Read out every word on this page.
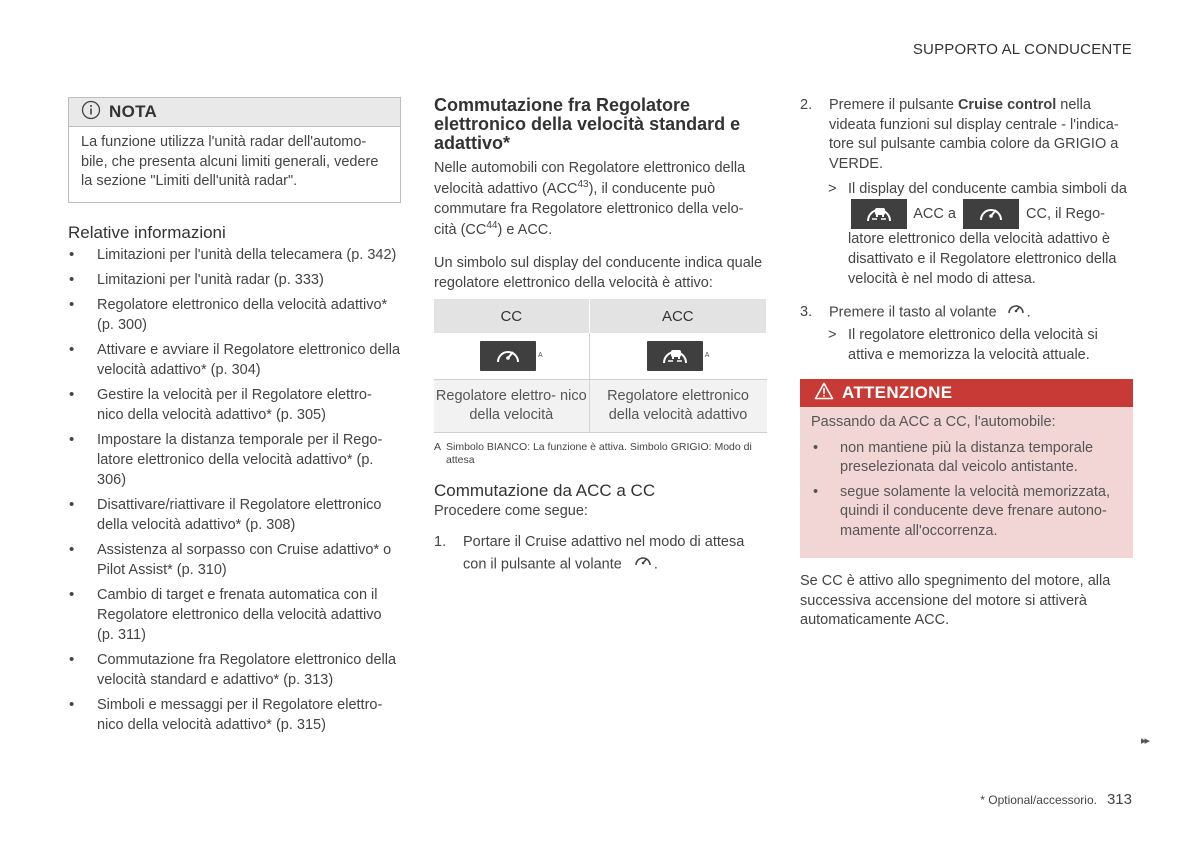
SUPPORTO AL CONDUCENTE
NOTA
La funzione utilizza l'unità radar dell'automo- bile, che presenta alcuni limiti generali, vedere la sezione "Limiti dell'unità radar".
Relative informazioni
• Limitazioni per l'unità della telecamera (p. 342)
• Limitazioni per l'unità radar (p. 333)
• Regolatore elettronico della velocità adattivo* (p. 300)
• Attivare e avviare il Regolatore elettronico della velocità adattivo* (p. 304)
• Gestire la velocità per il Regolatore elettro- nico della velocità adattivo* (p. 305)
• Impostare la distanza temporale per il Rego- latore elettronico della velocità adattivo* (p. 306)
• Disattivare/riattivare il Regolatore elettronico della velocità adattivo* (p. 308)
• Assistenza al sorpasso con Cruise adattivo* o Pilot Assist* (p. 310)
• Cambio di target e frenata automatica con il Regolatore elettronico della velocità adattivo (p. 311)
• Commutazione fra Regolatore elettronico della velocità standard e adattivo* (p. 313)
• Simboli e messaggi per il Regolatore elettro- nico della velocità adattivo* (p. 315)
Commutazione fra Regolatore elettronico della velocità standard e adattivo*
Nelle automobili con Regolatore elettronico della velocità adattivo (ACC$^{43}$), il conducente può commutare fra Regolatore elettronico della velo- cità (CC$^{44}$) e ACC.
Un simbolo sul display del conducente indica quale regolatore elettronico della velocità è attivo:
CC	ACC

A	A
Regolatore elettro- nico della velocità	Regolatore elettronico della velocità adattivo
A Simbolo BIANCO: La funzione è attiva. Simbolo GRIGIO: Modo di attesa
Commutazione da ACC a CC
Procedere come segue:
1. Portare il Cruise adattivo nel modo di attesa con il pulsante al volante .
2. Premere il pulsante Cruise control nella videata funzioni sul display centrale - l'indica- tore sul pulsante cambia colore da GRIGIO a VERDE.
> Il display del conducente cambia simboli da
ACC a	CC, il Rego- latore elettronico della velocità adattivo è disattivato e il Regolatore elettronico della velocità è nel modo di attesa.
3. Premere il tasto al volante .
> Il regolatore elettronico della velocità si attiva e memorizza la velocità attuale.
ATTENZIONE
Passando da ACC a CC, l'automobile:
• non mantiene più la distanza temporale preselezionata dal veicolo antistante.
• segue solamente la velocità memorizzata, quindi il conducente deve frenare autono- mamente all'occorrenza.
Se CC è attivo allo spegnimento del motore, alla successiva accensione del motore si attiverà automaticamente ACC.
▸▸
* Optional/accessorio. 313
